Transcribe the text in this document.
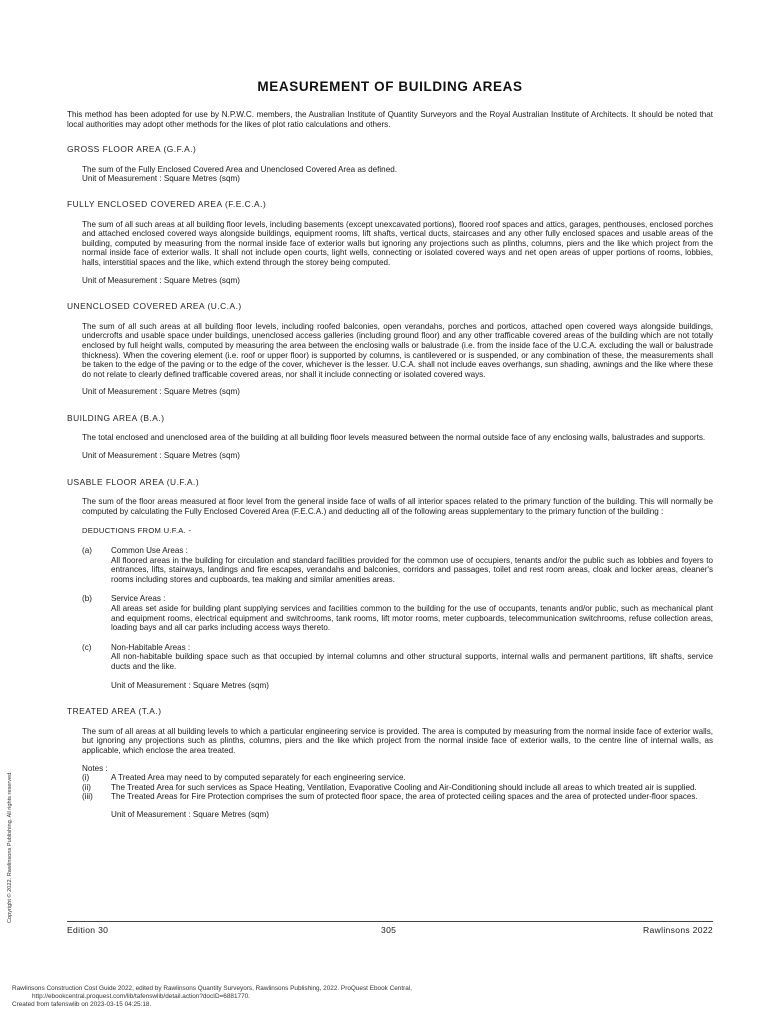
MEASUREMENT OF BUILDING AREAS

This method has been adopted for use by N.P.W.C. members, the Australian Institute of Quantity Surveyors and the Royal Australian Institute of Architects. It should be noted that local authorities may adopt other methods for the likes of plot ratio calculations and others.

GROSS FLOOR AREA (G.F.A.)

The sum of the Fully Enclosed Covered Area and Unenclosed Covered Area as defined.

Unit of Measurement : Square Metres (sqm)

FULLY ENCLOSED COVERED AREA (F.E.C.A.)

The sum of all such areas at all building floor levels, including basements (except unexcavated portions), floored roof spaces and attics, garages, penthouses, enclosed porches and attached enclosed covered ways alongside buildings, equipment rooms, lift shafts, vertical ducts, staircases and any other fully enclosed spaces and usable areas of the building, computed by measuring from the normal inside face of exterior walls but ignoring any projections such as plinths, columns, piers and the like which project from the normal inside face of exterior walls. It shall not include open courts, light wells, connecting or isolated covered ways and net open areas of upper portions of rooms, lobbies, halls, interstitial spaces and the like, which extend through the storey being computed.

Unit of Measurement : Square Metres (sqm)

UNENCLOSED COVERED AREA (U.C.A.)

The sum of all such areas at all building floor levels, including roofed balconies, open verandahs, porches and porticos, attached open covered ways alongside buildings, undercrofts and usable space under buildings, unenclosed access galleries (including ground floor) and any other trafficable covered areas of the building which are not totally enclosed by full height walls, computed by measuring the area between the enclosing walls or balustrade (i.e. from the inside face of the U.C.A. excluding the wall or balustrade thickness). When the covering element (i.e. roof or upper floor) is supported by columns, is cantilevered or is suspended, or any combination of these, the measurements shall be taken to the edge of the paving or to the edge of the cover, whichever is the lesser. U.C.A. shall not include eaves overhangs, sun shading, awnings and the like where these do not relate to clearly defined trafficable covered areas, nor shall it include connecting or isolated covered ways.

Unit of Measurement : Square Metres (sqm)

BUILDING AREA (B.A.)

The total enclosed and unenclosed area of the building at all building floor levels measured between the normal outside face of any enclosing walls, balustrades and supports.

Unit of Measurement : Square Metres (sqm)

USABLE FLOOR AREA (U.F.A.)

The sum of the floor areas measured at floor level from the general inside face of walls of all interior spaces related to the primary function of the building. This will normally be computed by calculating the Fully Enclosed Covered Area (F.E.C.A.) and deducting all of the following areas supplementary to the primary function of the building :

DEDUCTIONS FROM U.F.A. -

(a)	Common Use Areas :
All floored areas in the building for circulation and standard facilities provided for the common use of occupiers, tenants and/or the public such as lobbies and foyers to entrances, lifts, stairways, landings and fire escapes, verandahs and balconies, corridors and passages, toilet and rest room areas, cloak and locker areas, cleaner's rooms including stores and cupboards, tea making and similar amenities areas.
(b)	Service Areas :
All areas set aside for building plant supplying services and facilities common to the building for the use of occupants, tenants and/or public, such as mechanical plant and equipment rooms, electrical equipment and switchrooms, tank rooms, lift motor rooms, meter cupboards, telecommunication switchrooms, refuse collection areas, loading bays and all car parks including access ways thereto.
(c)	Non-Habitable Areas :
All non-habitable building space such as that occupied by internal columns and other structural supports, internal walls and permanent partitions, lift shafts, service ducts and the like.

Unit of Measurement : Square Metres (sqm)

TREATED AREA (T.A.)

The sum of all areas at all building levels to which a particular engineering service is provided. The area is computed by measuring from the normal inside face of exterior walls, but ignoring any projections such as plinths, columns, piers and the like which project from the normal inside face of exterior walls, to the centre line of internal walls, as applicable, which enclose the area treated.

Notes :

(i)	A Treated Area may need to by computed separately for each engineering service.
(ii)	The Treated Area for such services as Space Heating, Ventilation, Evaporative Cooling and Air-Conditioning should include all areas to which treated air is supplied.
(iii)	The Treated Areas for Fire Protection comprises the sum of protected floor space, the area of protected ceiling spaces and the area of protected under-floor spaces.

Unit of Measurement : Square Metres (sqm)

Edition 30	305	Rawlinsons 2022
Copyright © 2022. Rawlinsons Publishing. All rights reserved.
Rawlinsons Construction Cost Guide 2022, edited by Rawlinsons Quantity Surveyors, Rawlinsons Publishing, 2022. ProQuest Ebook Central,
http://ebookcentral.proquest.com/lib/tafenswlib/detail.action?docID=6881770.
Created from tafenswlib on 2023-03-15 04:25:18.
